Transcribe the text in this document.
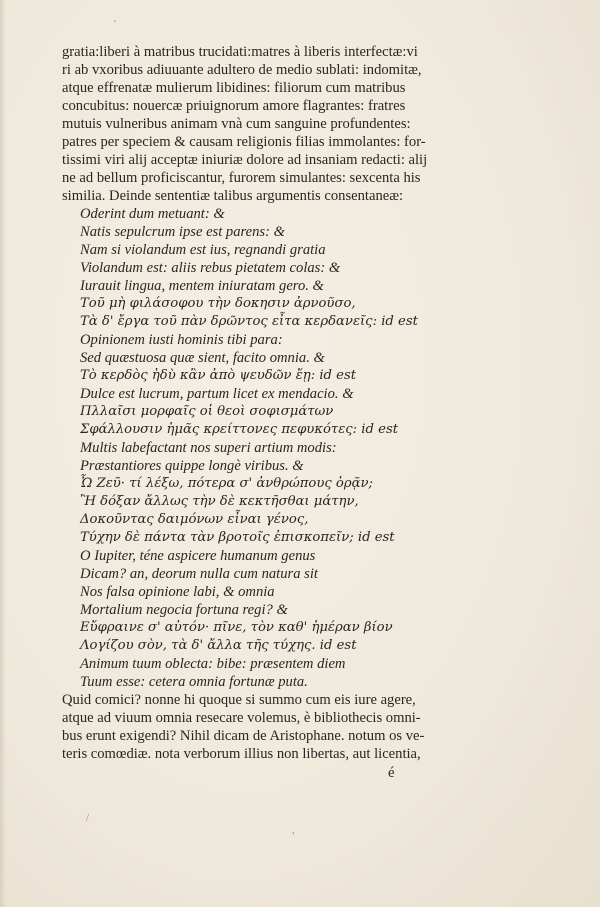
'
gratia:liberi à matribus trucidati:matres à liberis interfectæ:vi
ri ab vxoribus adiuuante adultero de medio sublati: indomitæ,
atque effrenatæ mulierum libidines: filiorum cum matribus
concubitus: nouercæ priuignorum amore flagrantes: fratres
mutuis vulneribus animam vnà cum sanguine profundentes:
patres per speciem & causam religionis filias immolantes: for-
tissimi viri alij acceptæ iniuriæ dolore ad insaniam redacti: alij
ne ad bellum proficiscantur, furorem simulantes: sexcenta his
similia. Deinde sententiæ talibus argumentis consentaneæ:
Oderint dum metuant: &
Natis sepulcrum ipse est parens: &
Nam si violandum est ius, regnandi gratia
Violandum est: aliis rebus pietatem colas: &
Iurauit lingua, mentem iniuratam gero. &
Τοῦ μὴ φιλάσοφου τὴν δοκησιν ἀρνοῦσο,
Τὰ δ' ἔργα τοῦ πὰν δρῶντος εἶτα κερδανεῖς: id est
Opinionem iusti hominis tibi para:
Sed quæstuosa quæ sient, facito omnia. &
Τὸ κερδὸς ἡδὺ κἂν ἀπὸ ψευδῶν ἔῃ: id est
Dulce est lucrum, partum licet ex mendacio. &
Πλλαῖσι μορφαῖς οἱ θεοὶ σοφισμάτων
Σφάλλουσιν ἡμᾶς κρείττονες πεφυκότες: id est
Multis labefactant nos superi artium modis:
Præstantiores quippe longè viribus. &
Ὦ Ζεῦ· τί λέξω, πότερα σ' ἀνθρώπους ὁρᾷν;
Ἢ δόξαν ἄλλως τὴν δὲ κεκτῆσθαι μάτην,
Δοκοῦντας δαιμόνων εἶναι γένος,
Τύχην δὲ πάντα τὰν βροτοῖς ἐπισκοπεῖν; id est
O Iupiter, téne aspicere humanum genus
Dicam? an, deorum nulla cum natura sit
Nos falsa opinione labi, & omnia
Mortalium negocia fortuna regi? &
Εὔφραινε σ' αὐτόν· πῖνε, τὸν καθ' ἡμέραν βίον
Λογίζου σὸν, τὰ δ' ἄλλα τῆς τύχης. id est
Animum tuum oblecta: bibe: præsentem diem
Tuum esse: cetera omnia fortunæ puta.
Quid comici? nonne hi quoque si summo cum eis iure agere,
atque ad viuum omnia resecare volemus, è bibliothecis omni-
bus erunt exigendi? Nihil dicam de Aristophane. notum os ve-
teris comœdiæ. nota verborum illius non libertas, aut licentia,
é
/
,
